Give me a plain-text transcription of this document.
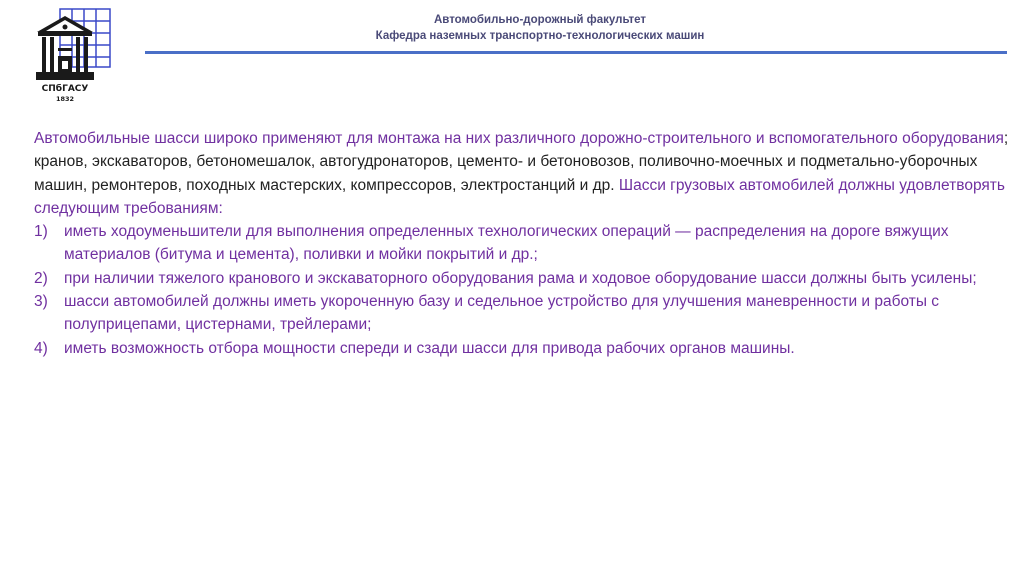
СПбГАСУ
1832
Автомобильно-дорожный факультет
Кафедра наземных транспортно-технологических машин

Автомобильные шасси широко применяют для монтажа на них различного дорожно-строительного и вспомогательного оборудования; кранов, экскаваторов, бетономешалок, автогудронаторов, цементо- и бетоновозов, поливочно-моечных и подметально-уборочных машин, ремонтеров, походных мастерских, компрессоров, электростанций и др. Шасси грузовых автомобилей должны удовлетворять следующим требованиям:

1) иметь ходоуменьшители для выполнения определенных технологических операций — распределения на дороге вяжущих материалов (битума и цемента), поливки и мойки покрытий и др.;
2) при наличии тяжелого кранового и экскаваторного оборудования рама и ходовое оборудование шасси должны быть усилены;
3) шасси автомобилей должны иметь укороченную базу и седельное устройство для улучшения маневренности и работы с полуприцепами, цистернами, трейлерами;
4) иметь возможность отбора мощности спереди и сзади шасси для привода рабочих органов машины.
